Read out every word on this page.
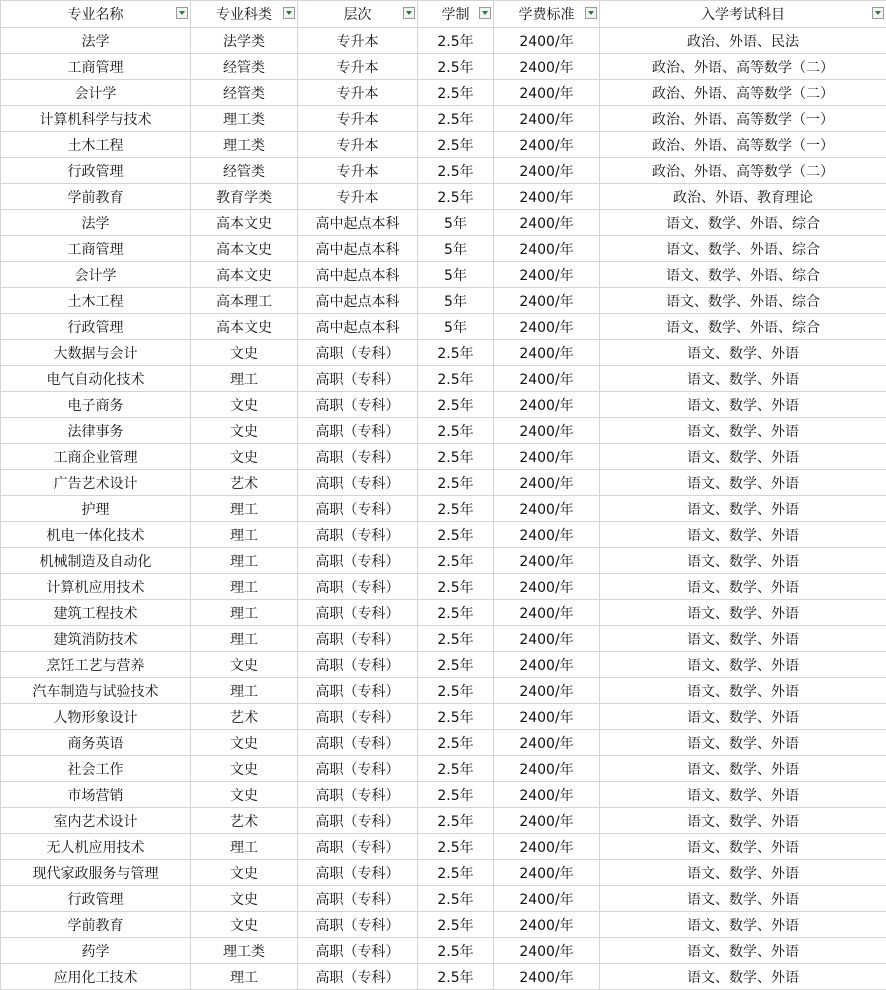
专业名称	专业科类	层次	学制	学费标准	入学考试科目

法学	法学类	专升本	2.5年	2400/年	政治、外语、民法
工商管理	经管类	专升本	2.5年	2400/年	政治、外语、高等数学（二）
会计学	经管类	专升本	2.5年	2400/年	政治、外语、高等数学（二）
计算机科学与技术	理工类	专升本	2.5年	2400/年	政治、外语、高等数学（一）
土木工程	理工类	专升本	2.5年	2400/年	政治、外语、高等数学（一）
行政管理	经管类	专升本	2.5年	2400/年	政治、外语、高等数学（二）
学前教育	教育学类	专升本	2.5年	2400/年	政治、外语、教育理论
法学	高本文史	高中起点本科	5年	2400/年	语文、数学、外语、综合
工商管理	高本文史	高中起点本科	5年	2400/年	语文、数学、外语、综合
会计学	高本文史	高中起点本科	5年	2400/年	语文、数学、外语、综合
土木工程	高本理工	高中起点本科	5年	2400/年	语文、数学、外语、综合
行政管理	高本文史	高中起点本科	5年	2400/年	语文、数学、外语、综合
大数据与会计	文史	高职（专科）	2.5年	2400/年	语文、数学、外语
电气自动化技术	理工	高职（专科）	2.5年	2400/年	语文、数学、外语
电子商务	文史	高职（专科）	2.5年	2400/年	语文、数学、外语
法律事务	文史	高职（专科）	2.5年	2400/年	语文、数学、外语
工商企业管理	文史	高职（专科）	2.5年	2400/年	语文、数学、外语
广告艺术设计	艺术	高职（专科）	2.5年	2400/年	语文、数学、外语
护理	理工	高职（专科）	2.5年	2400/年	语文、数学、外语
机电一体化技术	理工	高职（专科）	2.5年	2400/年	语文、数学、外语
机械制造及自动化	理工	高职（专科）	2.5年	2400/年	语文、数学、外语
计算机应用技术	理工	高职（专科）	2.5年	2400/年	语文、数学、外语
建筑工程技术	理工	高职（专科）	2.5年	2400/年	语文、数学、外语
建筑消防技术	理工	高职（专科）	2.5年	2400/年	语文、数学、外语
烹饪工艺与营养	文史	高职（专科）	2.5年	2400/年	语文、数学、外语
汽车制造与试验技术	理工	高职（专科）	2.5年	2400/年	语文、数学、外语
人物形象设计	艺术	高职（专科）	2.5年	2400/年	语文、数学、外语
商务英语	文史	高职（专科）	2.5年	2400/年	语文、数学、外语
社会工作	文史	高职（专科）	2.5年	2400/年	语文、数学、外语
市场营销	文史	高职（专科）	2.5年	2400/年	语文、数学、外语
室内艺术设计	艺术	高职（专科）	2.5年	2400/年	语文、数学、外语
无人机应用技术	理工	高职（专科）	2.5年	2400/年	语文、数学、外语
现代家政服务与管理	文史	高职（专科）	2.5年	2400/年	语文、数学、外语
行政管理	文史	高职（专科）	2.5年	2400/年	语文、数学、外语
学前教育	文史	高职（专科）	2.5年	2400/年	语文、数学、外语
药学	理工类	高职（专科）	2.5年	2400/年	语文、数学、外语
应用化工技术	理工	高职（专科）	2.5年	2400/年	语文、数学、外语
